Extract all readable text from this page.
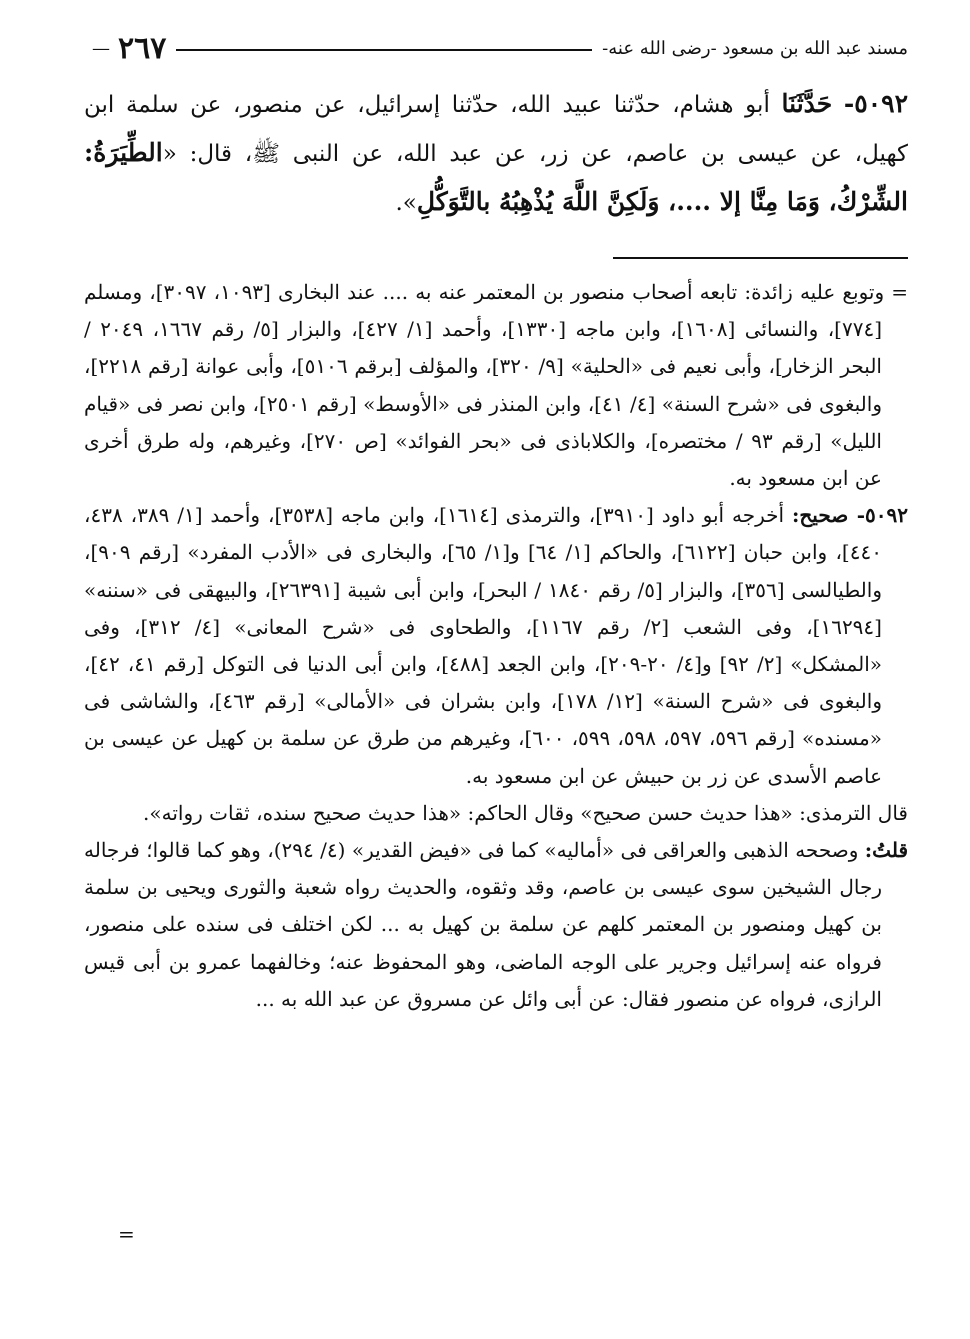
مسند عبد الله بن مسعود -رضى الله عنه-
٢٦٧
—
٥٠٩٢- حَدَّثَنَا أبو هشام، حدّثنا عبيد الله، حدّثنا إسرائيل، عن منصور، عن سلمة ابن كهيل، عن عيسى بن عاصم، عن زر، عن عبد الله، عن النبى ﷺ، قال: «الطِّيَرَةُ: الشِّرْكُ، وَمَا مِنَّا إلا ....، وَلَكِنَّ اللَّهَ يُذْهِبُهُ بالتَّوَكُّلِ».

= وتوبع عليه زائدة: تابعه أصحاب منصور بن المعتمر عنه به .... عند البخارى [١٠٩٣، ٣٠٩٧]، ومسلم [٧٧٤]، والنسائى [١٦٠٨]، وابن ماجه [١٣٣٠]، وأحمد [١/ ٤٢٧]، والبزار [٥/ رقم ١٦٦٧، ٢٠٤٩ / البحر الزخار]، وأبى نعيم فى «الحلية» [٩/ ٣٢٠]، والمؤلف [برقم ٥١٠٦]، وأبى عوانة [رقم ٢٢١٨]، والبغوى فى «شرح السنة» [٤/ ٤١]، وابن المنذر فى «الأوسط» [رقم ٢٥٠١]، وابن نصر فى «قيام الليل» [رقم ٩٣ / مختصره]، والكلاباذى فى «بحر الفوائد» [ص ٢٧٠]، وغيرهم، وله طرق أخرى عن ابن مسعود به.

٥٠٩٢- صحيح: أخرجه أبو داود [٣٩١٠]، والترمذى [١٦١٤]، وابن ماجه [٣٥٣٨]، وأحمد [١/ ٣٨٩، ٤٣٨، ٤٤٠]، وابن حبان [٦١٢٢]، والحاكم [١/ ٦٤] و[١/ ٦٥]، والبخارى فى «الأدب المفرد» [رقم ٩٠٩]، والطيالسى [٣٥٦]، والبزار [٥/ رقم ١٨٤٠ / البحر]، وابن أبى شيبة [٢٦٣٩١]، والبيهقى فى «سننه» [١٦٢٩٤]، وفى الشعب [٢/ رقم ١١٦٧]، والطحاوى فى «شرح المعانى» [٤/ ٣١٢]، وفى «المشكل» [٢/ ٩٢] و[٤/ ٢٠-٢٠٩]، وابن الجعد [٤٨٨]، وابن أبى الدنيا فى التوكل [رقم ٤١، ٤٢]، والبغوى فى «شرح السنة» [١٢/ ١٧٨]، وابن بشران فى «الأمالى» [رقم ٤٦٣]، والشاشى فى «مسنده» [رقم ٥٩٦، ٥٩٧، ٥٩٨، ٥٩٩، ٦٠٠]، وغيرهم من طرق عن سلمة بن كهيل عن عيسى بن عاصم الأسدى عن زر بن حبيش عن ابن مسعود به.

قال الترمذى: «هذا حديث حسن صحيح» وقال الحاكم: «هذا حديث صحيح سنده، ثقات رواته».

قلتُ: وصححه الذهبى والعراقى فى «أماليه» كما فى «فيض القدير» (٤/ ٢٩٤)، وهو كما قالوا؛ فرجاله رجال الشيخين سوى عيسى بن عاصم، وقد وثقوه، والحديث رواه شعبة والثورى ويحيى بن سلمة بن كهيل ومنصور بن المعتمر كلهم عن سلمة بن كهيل به ... لكن اختلف فى سنده على منصور، فرواه عنه إسرائيل وجرير على الوجه الماضى، وهو المحفوظ عنه؛ وخالفهما عمرو بن أبى قيس الرازى، فرواه عن منصور فقال: عن أبى وائل عن مسروق عن عبد الله به ...

=
